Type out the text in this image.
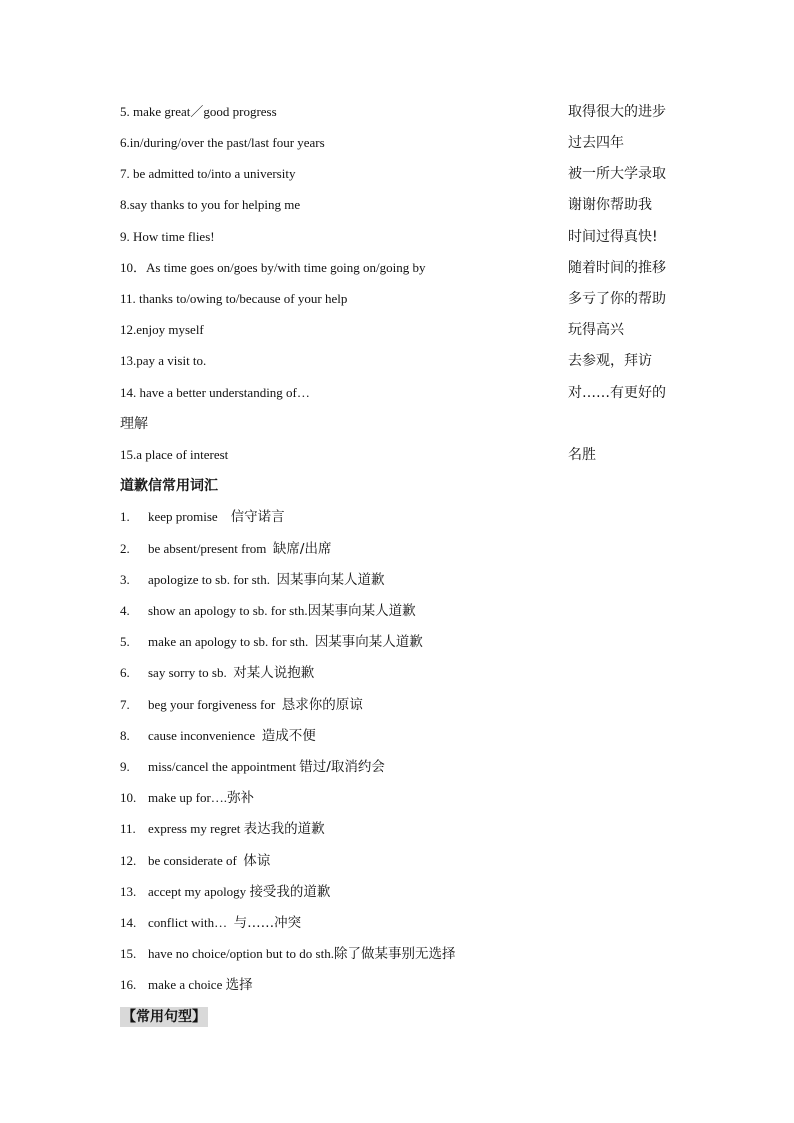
5. make great／good progress	取得很大的进步
6.in/during/over the past/last four years	过去四年
7. be admitted to/into a university	被一所大学录取
8.say thanks to you for helping me	谢谢你帮助我
9. How time flies!	时间过得真快!
10．As time goes on/goes by/with time going on/going by	随着时间的推移
11. thanks to/owing to/because of your help	多亏了你的帮助
12.enjoy myself	玩得高兴
13.pay a visit to.	去参观，拜访
14. have a better understanding of…	对……有更好的
理解
15.a place of interest	名胜
道歉信常用词汇
1. keep promise 信守诺言
2. be absent/present from 缺席/出席
3. apologize to sb. for sth. 因某事向某人道歉
4. show an apology to sb. for sth.因某事向某人道歉
5. make an apology to sb. for sth. 因某事向某人道歉
6. say sorry to sb. 对某人说抱歉
7. beg your forgiveness for 恳求你的原谅
8. cause inconvenience 造成不便
9. miss/cancel the appointment 错过/取消约会
10. make up for….弥补
11. express my regret 表达我的道歉
12. be considerate of 体谅
13. accept my apology 接受我的道歉
14. conflict with… 与……冲突
15. have no choice/option but to do sth.除了做某事别无选择
16. make a choice 选择
【常用句型】
